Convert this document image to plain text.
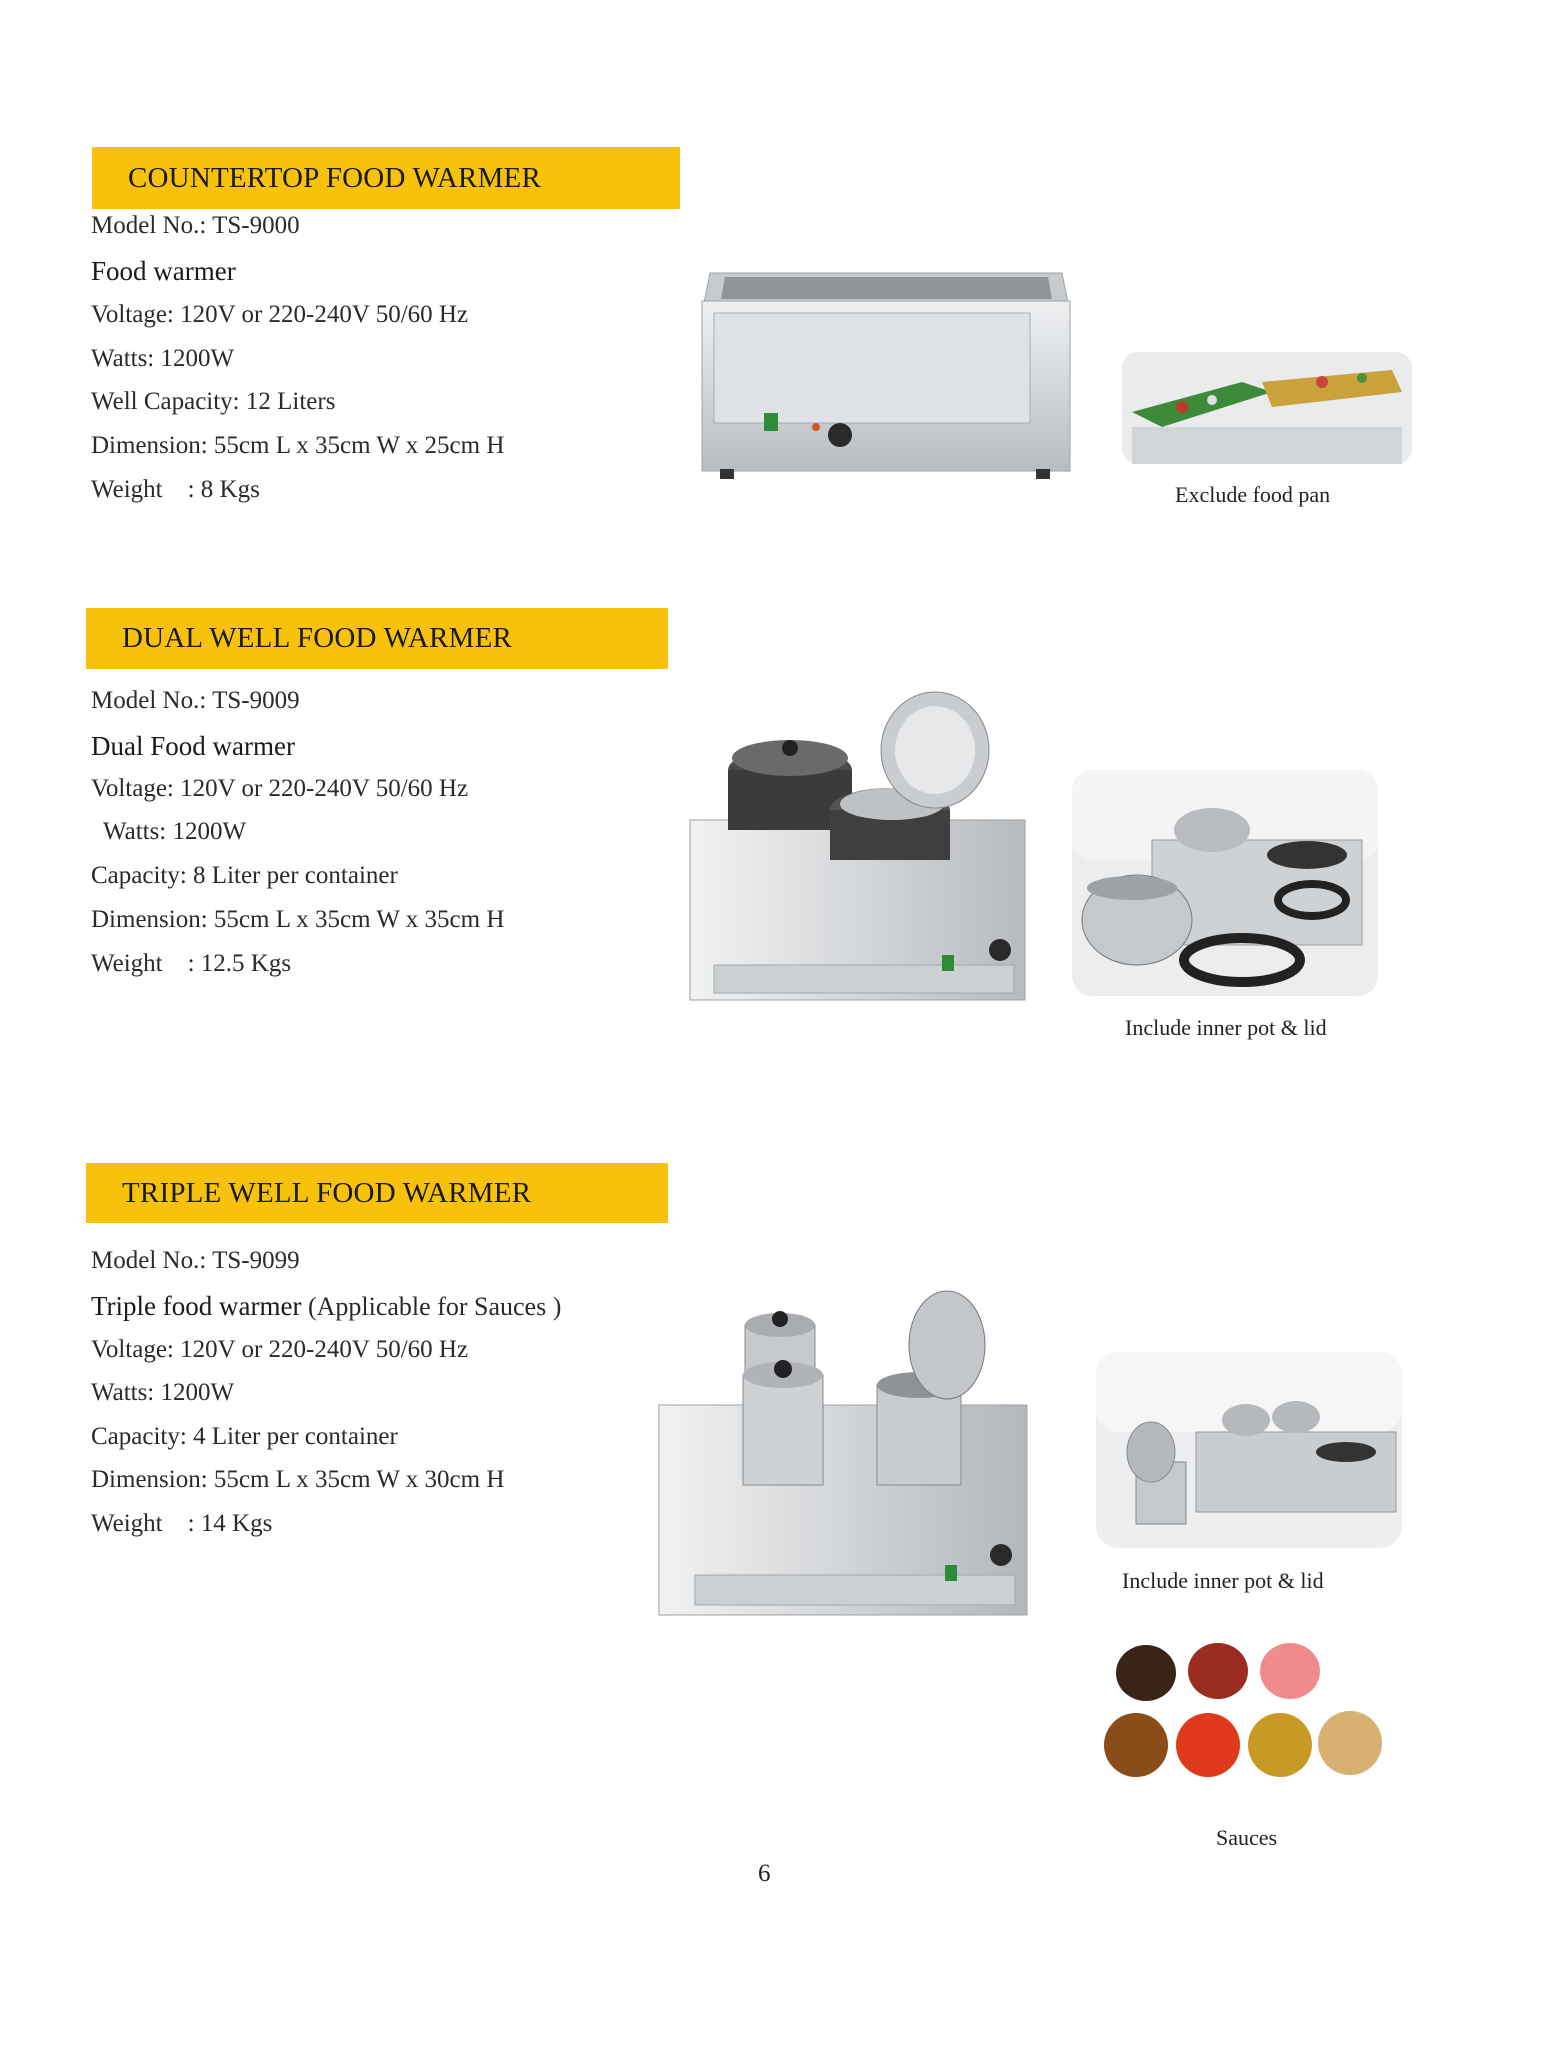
COUNTERTOP FOOD WARMER
Model No.: TS-9000
Food warmer
Voltage: 120V or 220-240V 50/60 Hz
Watts: 1200W
Well Capacity: 12 Liters
Dimension: 55cm L x 35cm W x 25cm H
Weight    : 8 Kgs	Exclude food pan
DUAL WELL FOOD WARMER
Model No.: TS-9009
Dual Food warmer
Voltage: 120V or 220-240V 50/60 Hz
Watts: 1200W
Capacity: 8 Liter per container
Dimension: 55cm L x 35cm W x 35cm H
Weight    : 12.5 Kgs
Include inner pot & lid
TRIPLE WELL FOOD WARMER
Model No.: TS-9099
Triple food warmer (Applicable for Sauces )
Voltage: 120V or 220-240V 50/60 Hz
Watts: 1200W
Capacity: 4 Liter per container
Dimension: 55cm L x 35cm W x 30cm H
Weight    : 14 Kgs
Include inner pot & lid
Sauces
6
